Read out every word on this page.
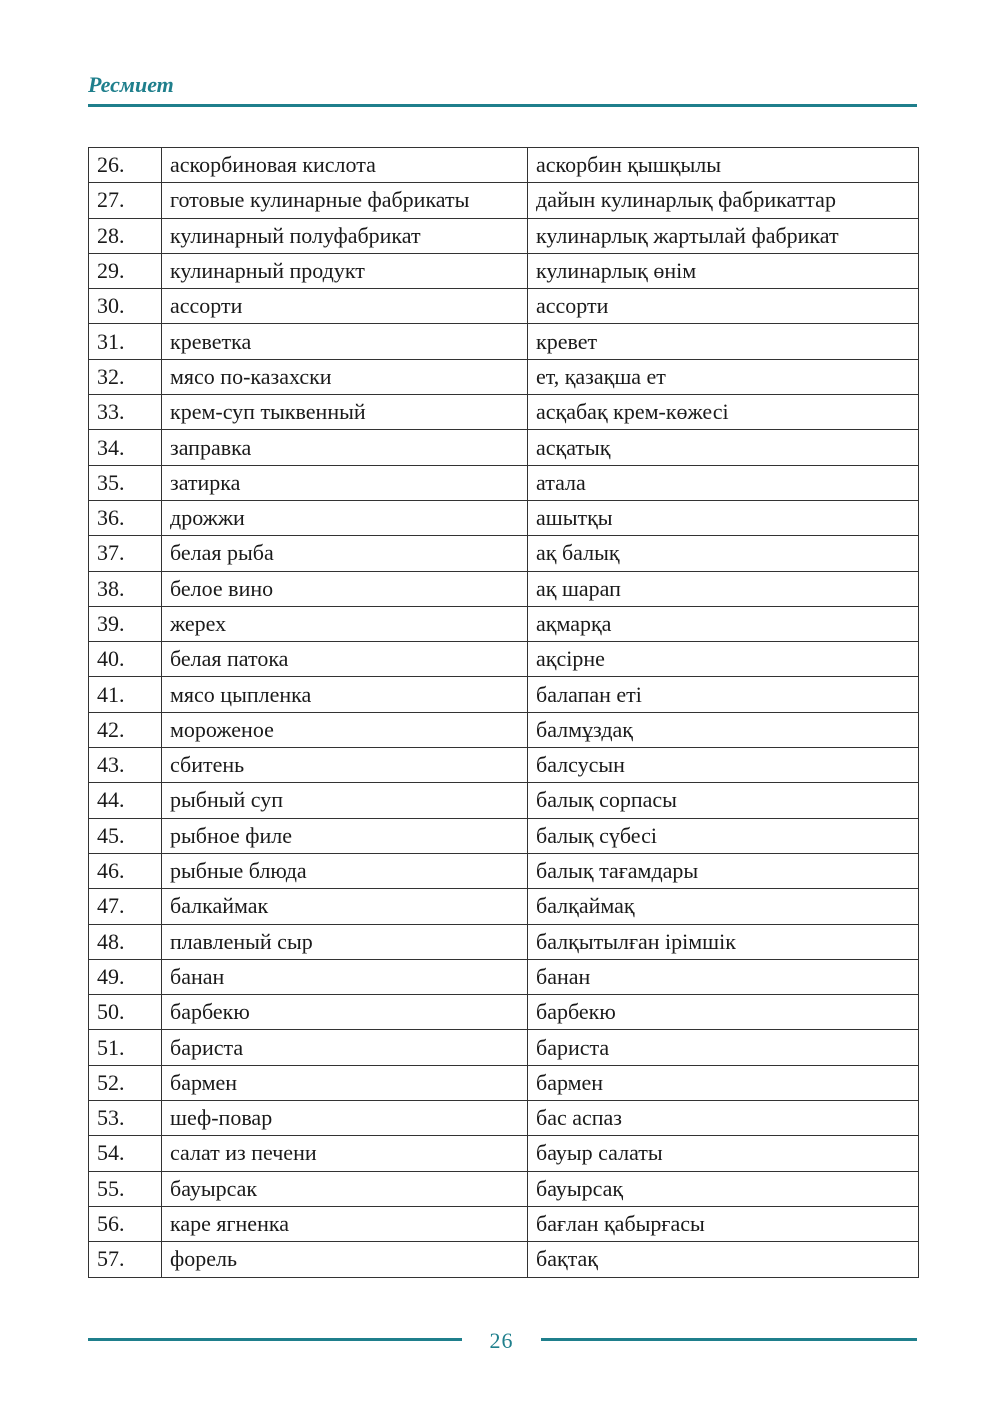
Ресмиет
26.	аскорбиновая кислота	аскорбин қышқылы
27.	готовые кулинарные фабрикаты	дайын кулинарлық фабрикаттар
28.	кулинарный полуфабрикат	кулинарлық жартылай фабрикат
29.	кулинарный продукт	кулинарлық өнім
30.	ассорти	ассорти
31.	креветка	кревет
32.	мясо по-казахски	ет, қазақша ет
33.	крем-суп тыквенный	асқабақ крем-көжесі
34.	заправка	асқатық
35.	затирка	атала
36.	дрожжи	ашытқы
37.	белая рыба	ақ балық
38.	белое вино	ақ шарап
39.	жерех	ақмарқа
40.	белая патока	ақсірне
41.	мясо цыпленка	балапан еті
42.	мороженое	балмұздақ
43.	сбитень	балсусын
44.	рыбный суп	балық сорпасы
45.	рыбное филе	балық сүбесі
46.	рыбные блюда	балық тағамдары
47.	балкаймак	балқаймақ
48.	плавленый сыр	балқытылған ірімшік
49.	банан	банан
50.	барбекю	барбекю
51.	бариста	бариста
52.	бармен	бармен
53.	шеф-повар	бас аспаз
54.	салат из печени	бауыр салаты
55.	бауырсак	бауырсақ
56.	каре ягненка	бағлан қабырғасы
57.	форель	бақтақ
26
